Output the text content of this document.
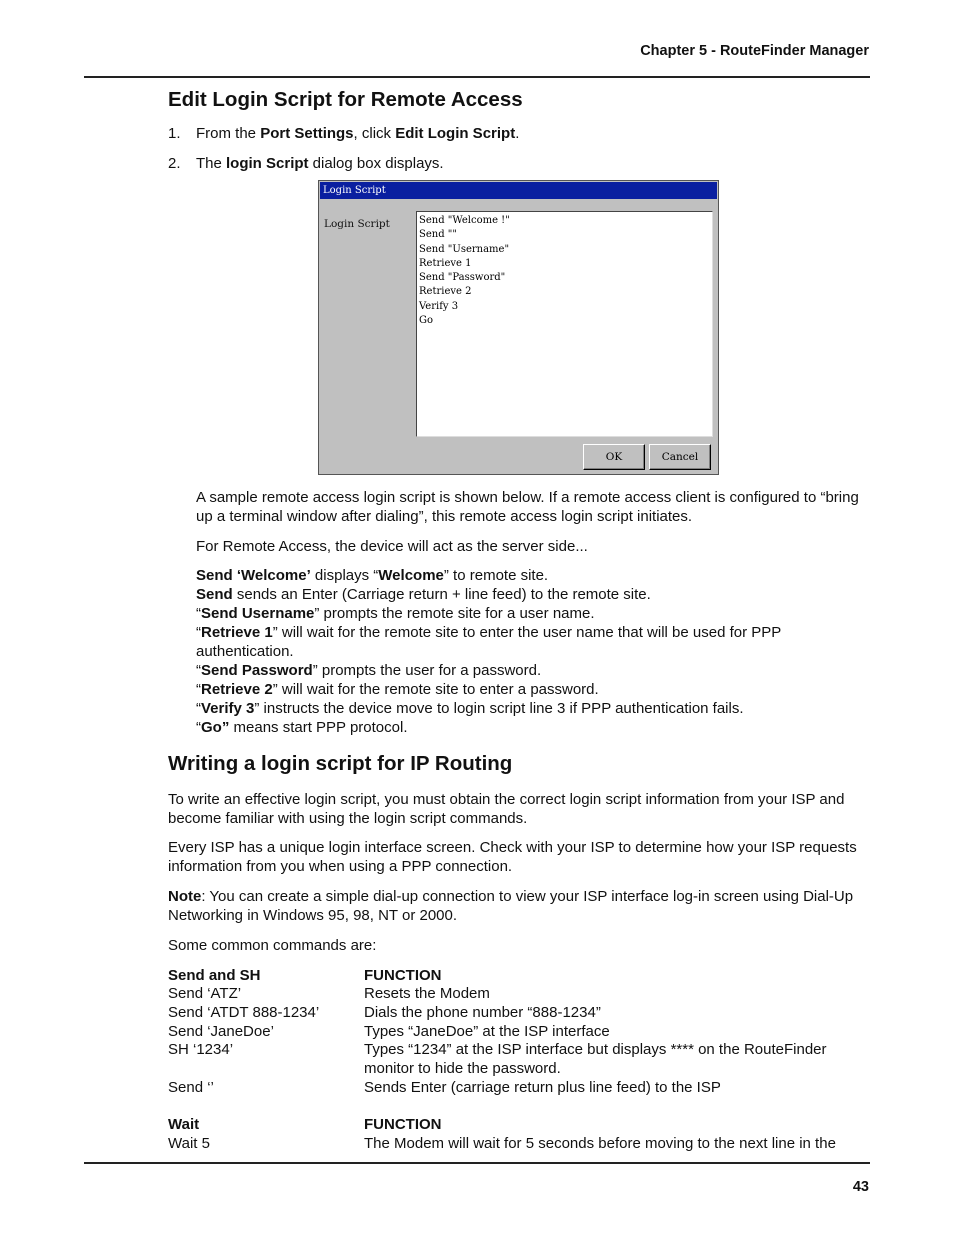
Chapter 5 - RouteFinder Manager
Edit Login Script for Remote Access
1. From the Port Settings, click Edit Login Script.

2. The login Script dialog box displays.

Login Script
Login Script	Send "Welcome !"
Send ""
Send "Username"
Retrieve 1
Send "Password"
Retrieve 2
Verify 3
Go
OK	Cancel

A sample remote access login script is shown below. If a remote access client is configured to “bring up a terminal window after dialing”, this remote access login script initiates.

For Remote Access, the device will act as the server side...

Send ‘Welcome’ displays “Welcome” to remote site.
Send sends an Enter (Carriage return + line feed) to the remote site.
“Send Username” prompts the remote site for a user name.
“Retrieve 1” will wait for the remote site to enter the user name that will be used for PPP authentication.
“Send Password” prompts the user for a password.
“Retrieve 2” will wait for the remote site to enter a password.
“Verify 3” instructs the device move to login script line 3 if PPP authentication fails.
“Go” means start PPP protocol.
Writing a login script for IP Routing

To write an effective login script, you must obtain the correct login script information from your ISP and become familiar with using the login script commands.

Every ISP has a unique login interface screen. Check with your ISP to determine how your ISP requests information from you when using a PPP connection.

Note: You can create a simple dial-up connection to view your ISP interface log-in screen using Dial-Up Networking in Windows 95, 98, NT or 2000.

Some common commands are:

Send and SH	FUNCTION
Send ‘ATZ’	Resets the Modem
Send ‘ATDT 888-1234’	Dials the phone number “888-1234”
Send ‘JaneDoe’	Types “JaneDoe” at the ISP interface
SH ‘1234’	Types “1234” at the ISP interface but displays **** on the RouteFinder monitor to hide the password.
Send ‘’	Sends Enter (carriage return plus line feed) to the ISP
Wait	FUNCTION
Wait 5	The Modem will wait for 5 seconds before moving to the next line in the
43
